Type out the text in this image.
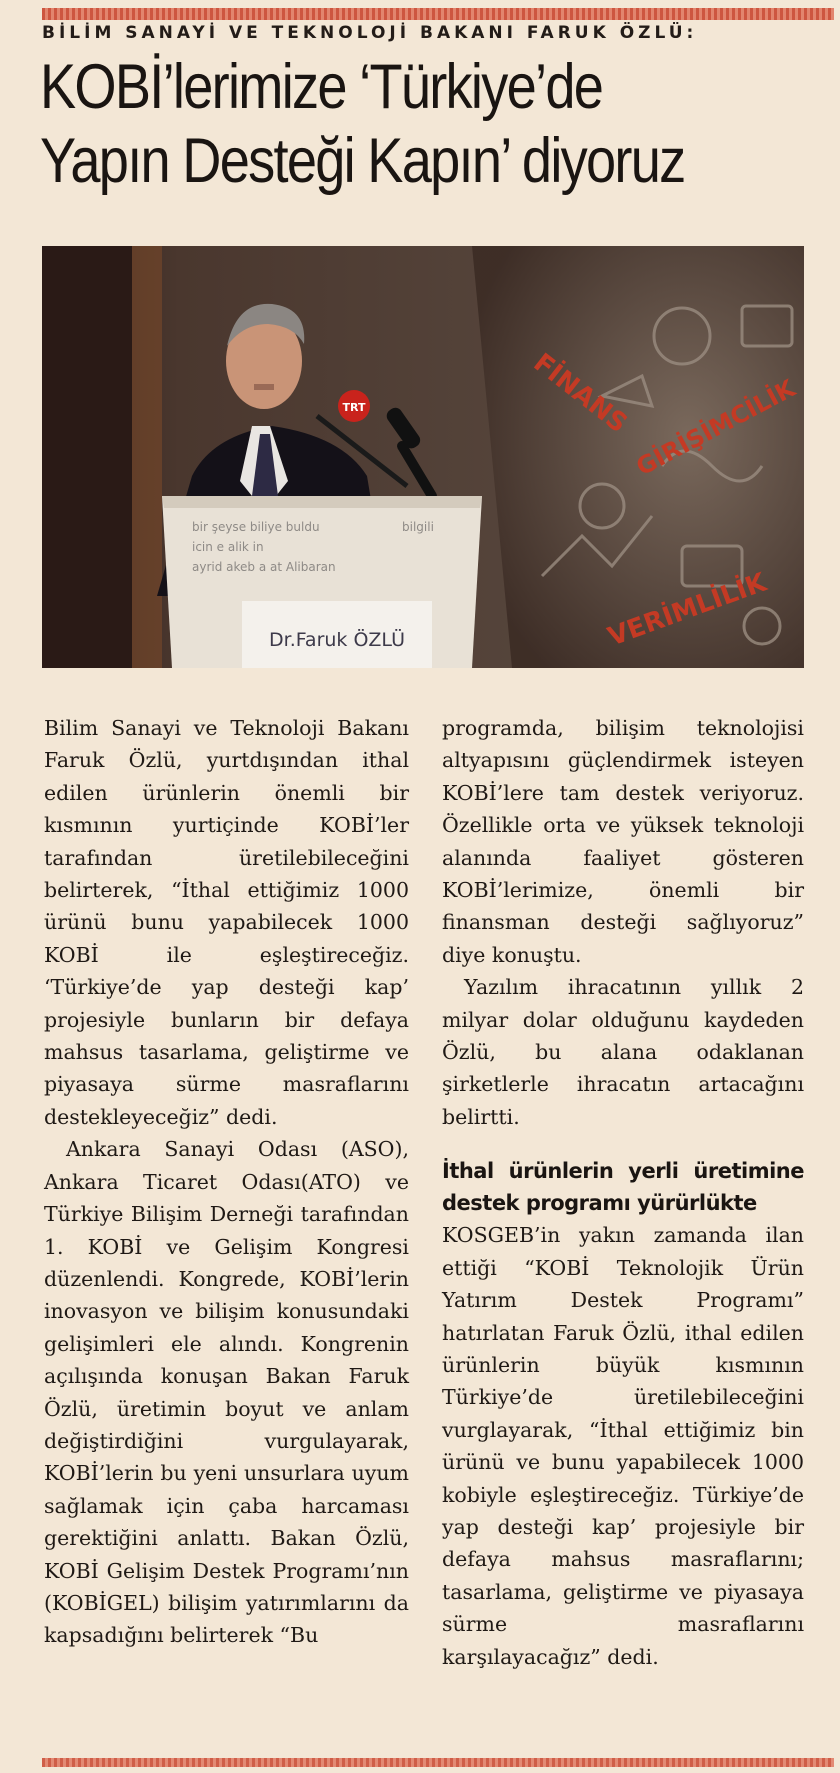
BİLİM SANAYİ VE TEKNOLOJİ BAKANI FARUK ÖZLÜ:
KOBİ’lerimize ‘Türkiye’de
Yapın Desteği Kapın’ diyoruz
FİNANS
GİRİŞİMCİLİK
VERİMLİLİK
TRT
bir şeyse biliye buldu
icin e alik in
ayrid akeb a at Alibaran
bilgili
Dr.Faruk ÖZLÜ

Bilim Sanayi ve Teknoloji Bakanı Faruk Özlü, yurtdışından ithal edilen ürünlerin önemli bir kısmının yurtiçinde KOBİ’ler tarafından üretilebileceğini belirterek, “İthal ettiğimiz 1000 ürünü bunu yapabilecek 1000 KOBİ ile eşleştireceğiz. ‘Türkiye’de yap desteği kap’ projesiyle bunların bir defaya mahsus tasarlama, geliştirme ve piyasaya sürme masraflarını destekleyeceğiz” dedi.

Ankara Sanayi Odası (ASO), Ankara Ticaret Odası(ATO) ve Türkiye Bilişim Derneği tarafından 1. KOBİ ve Gelişim Kongresi düzenlendi. Kongrede, KOBİ’lerin inovasyon ve bilişim konusundaki gelişimleri ele alındı. Kongrenin açılışında konuşan Bakan Faruk Özlü, üretimin boyut ve anlam değiştirdiğini vurgulayarak, KOBİ’lerin bu yeni unsurlara uyum sağlamak için çaba harcaması gerektiğini anlattı. Bakan Özlü, KOBİ Gelişim Destek Programı’nın (KOBİGEL) bilişim yatırımlarını da kapsadığını belirterek “Bu

programda, bilişim teknolojisi altyapısını güçlendirmek isteyen KOBİ’lere tam destek veriyoruz. Özellikle orta ve yüksek teknoloji alanında faaliyet gösteren KOBİ’lerimize, önemli bir finansman desteği sağlıyoruz” diye konuştu.

Yazılım ihracatının yıllık 2 milyar dolar olduğunu kaydeden Özlü, bu alana odaklanan şirketlerle ihracatın artacağını belirtti.

İthal ürünlerin yerli üretimine destek programı yürürlükte

KOSGEB’in yakın zamanda ilan ettiği “KOBİ Teknolojik Ürün Yatırım Destek Programı” hatırlatan Faruk Özlü, ithal edilen ürünlerin büyük kısmının Türkiye’de üretilebileceğini vurglayarak, “İthal ettiğimiz bin ürünü ve bunu yapabilecek 1000 kobiyle eşleştireceğiz. Türkiye’de yap desteği kap’ projesiyle bir defaya mahsus masraflarını; tasarlama, geliştirme ve piyasaya sürme masraflarını karşılayacağız” dedi.
